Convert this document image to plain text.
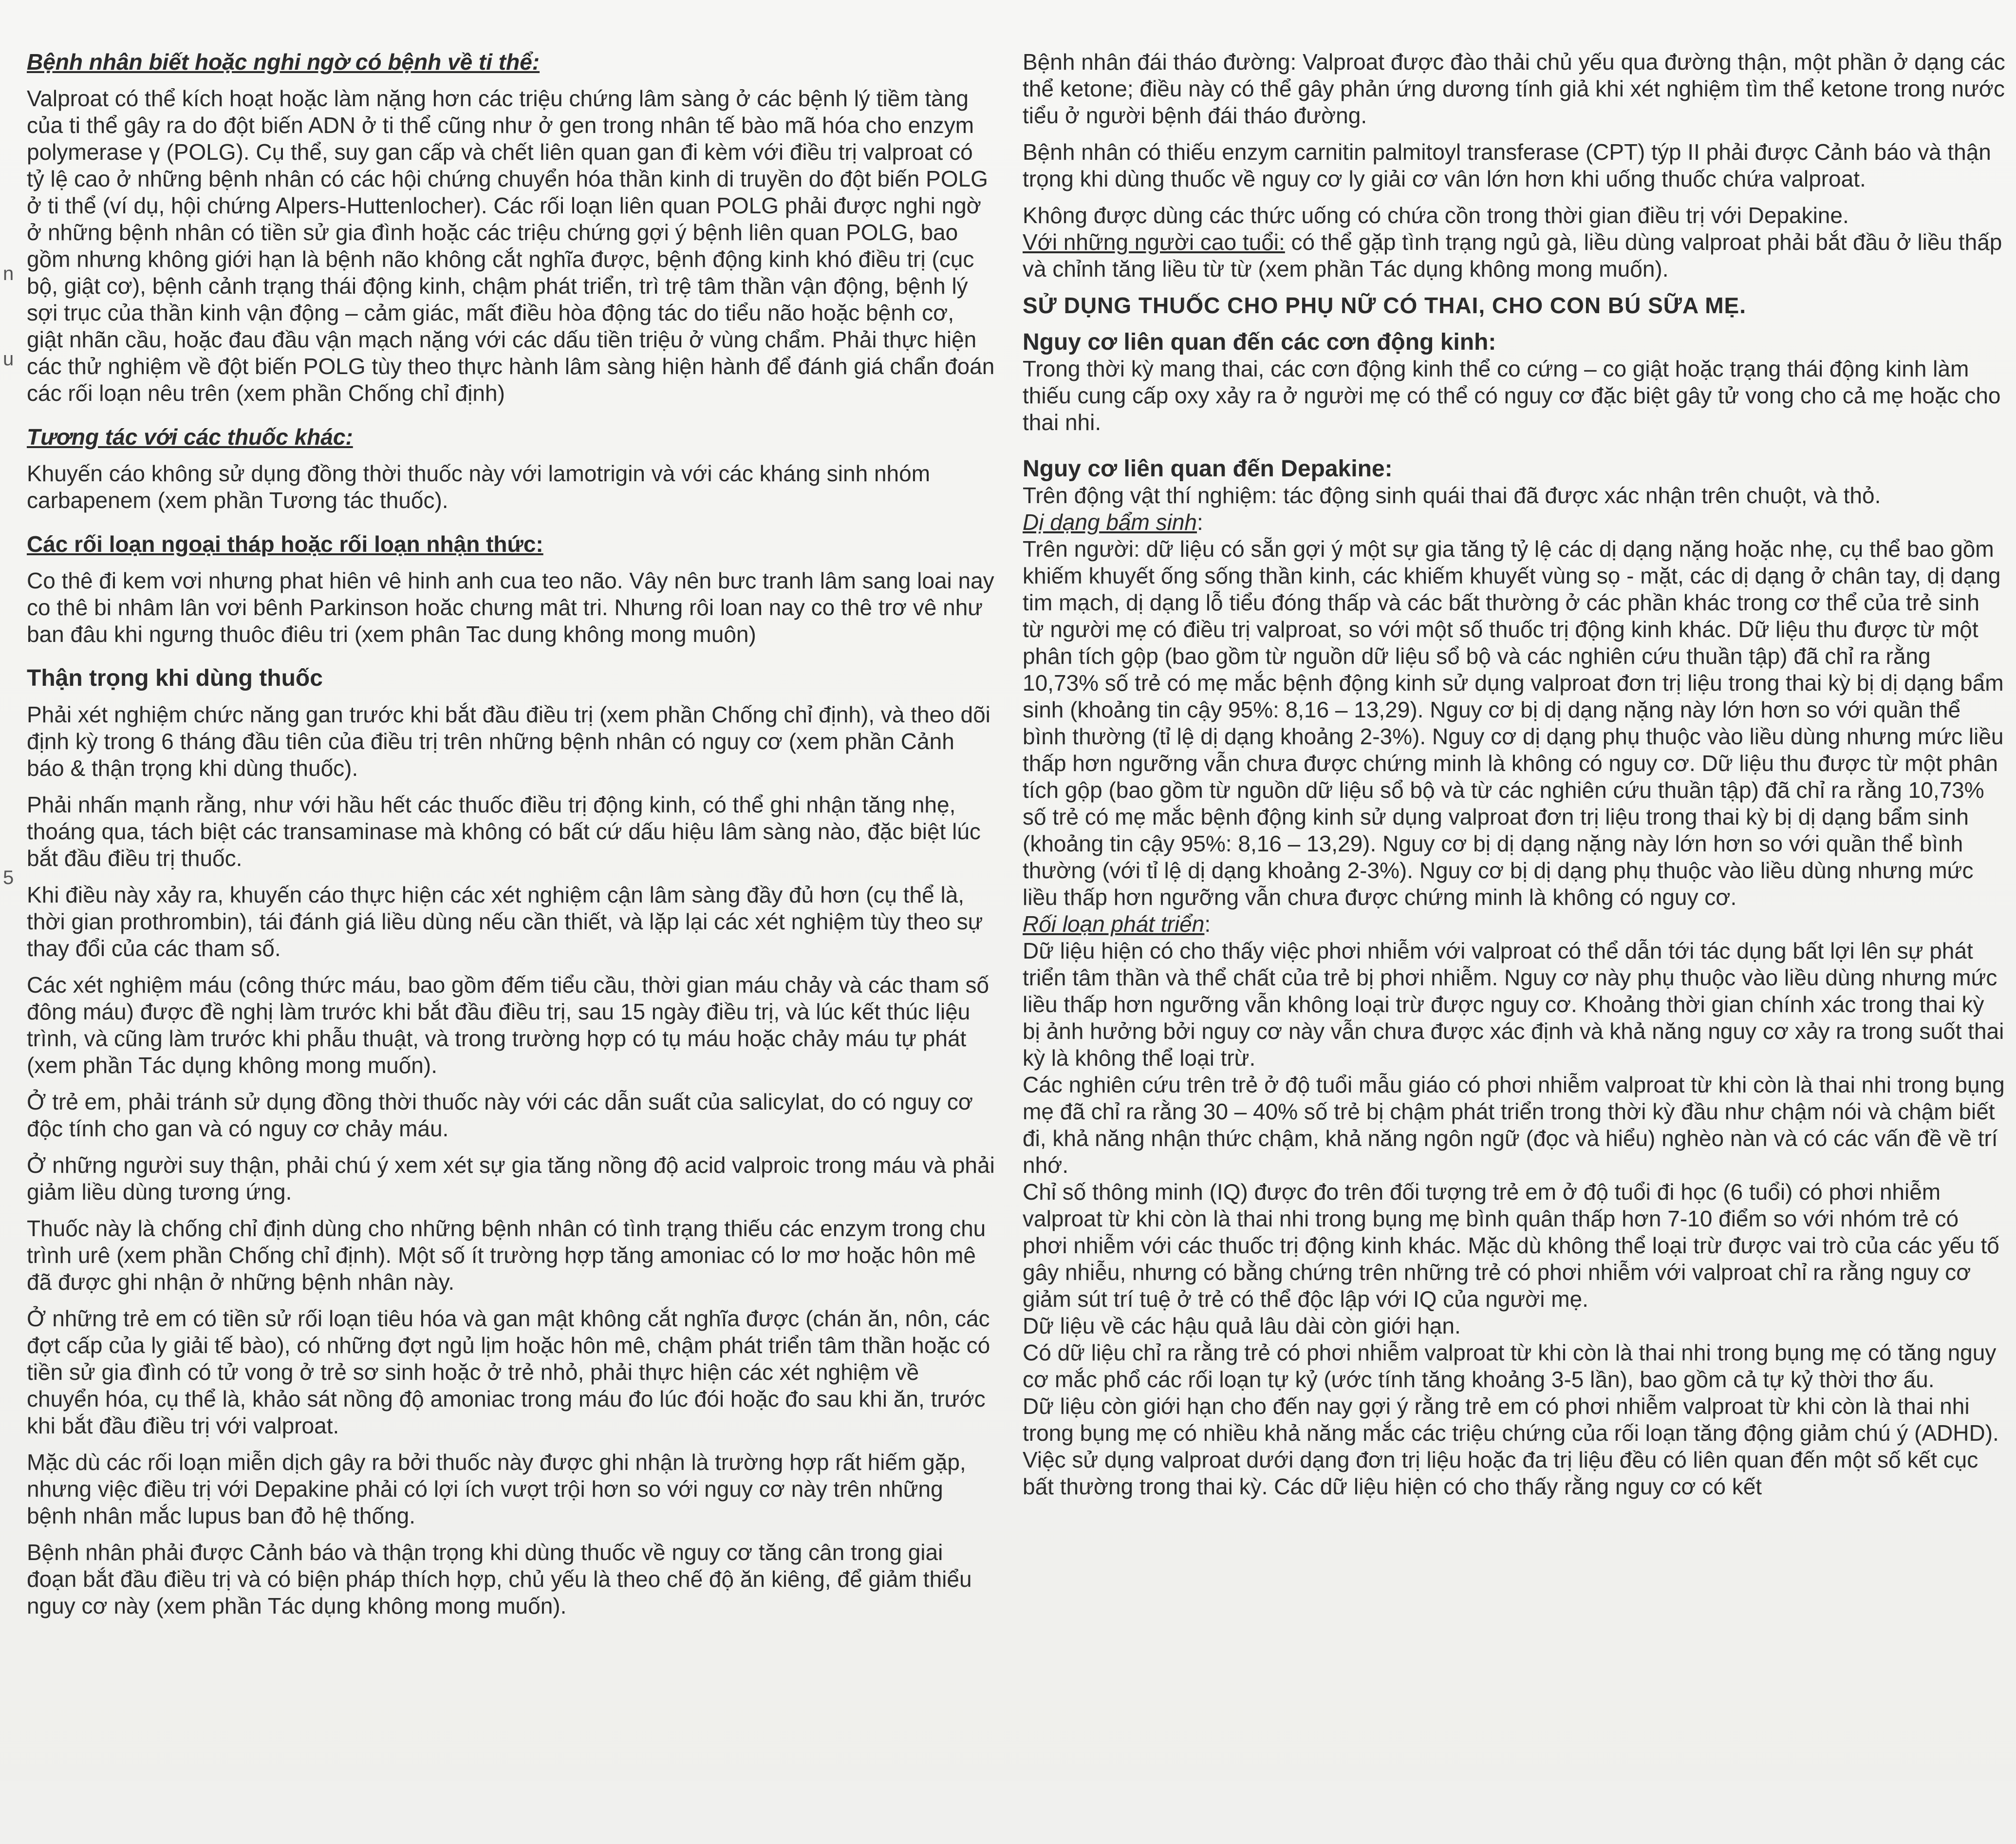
n
u
5

Bệnh nhân biết hoặc nghi ngờ có bệnh về ti thể:

Valproat có thể kích hoạt hoặc làm nặng hơn các triệu chứng lâm sàng ở các bệnh lý tiềm tàng của ti thể gây ra do đột biến ADN ở ti thể cũng như ở gen trong nhân tế bào mã hóa cho enzym polymerase γ (POLG). Cụ thể, suy gan cấp và chết liên quan gan đi kèm với điều trị valproat có tỷ lệ cao ở những bệnh nhân có các hội chứng chuyển hóa thần kinh di truyền do đột biến POLG ở ti thể (ví dụ, hội chứng Alpers-Huttenlocher). Các rối loạn liên quan POLG phải được nghi ngờ ở những bệnh nhân có tiền sử gia đình hoặc các triệu chứng gợi ý bệnh liên quan POLG, bao gồm nhưng không giới hạn là bệnh não không cắt nghĩa được, bệnh động kinh khó điều trị (cục bộ, giật cơ), bệnh cảnh trạng thái động kinh, chậm phát triển, trì trệ tâm thần vận động, bệnh lý sợi trục của thần kinh vận động – cảm giác, mất điều hòa động tác do tiểu não hoặc bệnh cơ, giật nhãn cầu, hoặc đau đầu vận mạch nặng với các dấu tiền triệu ở vùng chẩm. Phải thực hiện các thử nghiệm về đột biến POLG tùy theo thực hành lâm sàng hiện hành để đánh giá chẩn đoán các rối loạn nêu trên (xem phần Chống chỉ định)

Tương tác với các thuốc khác:

Khuyến cáo không sử dụng đồng thời thuốc này với lamotrigin và với các kháng sinh nhóm carbapenem (xem phần Tương tác thuốc).

Các rối loạn ngoại tháp hoặc rối loạn nhận thức:

Co thê đi kem vơi nhưng phat hiên vê hinh anh cua teo não. Vây nên bưc tranh lâm sang loai nay co thê bi nhâm lân vơi bênh Parkinson hoăc chưng mât tri. Nhưng rôi loan nay co thê trơ vê như ban đâu khi ngưng thuôc điêu tri (xem phân Tac dung không mong muôn)

Thận trọng khi dùng thuốc

Phải xét nghiệm chức năng gan trước khi bắt đầu điều trị (xem phần Chống chỉ định), và theo dõi định kỳ trong 6 tháng đầu tiên của điều trị trên những bệnh nhân có nguy cơ (xem phần Cảnh báo & thận trọng khi dùng thuốc).

Phải nhấn mạnh rằng, như với hầu hết các thuốc điều trị động kinh, có thể ghi nhận tăng nhẹ, thoáng qua, tách biệt các transaminase mà không có bất cứ dấu hiệu lâm sàng nào, đặc biệt lúc bắt đầu điều trị thuốc.

Khi điều này xảy ra, khuyến cáo thực hiện các xét nghiệm cận lâm sàng đầy đủ hơn (cụ thể là, thời gian prothrombin), tái đánh giá liều dùng nếu cần thiết, và lặp lại các xét nghiệm tùy theo sự thay đổi của các tham số.

Các xét nghiệm máu (công thức máu, bao gồm đếm tiểu cầu, thời gian máu chảy và các tham số đông máu) được đề nghị làm trước khi bắt đầu điều trị, sau 15 ngày điều trị, và lúc kết thúc liệu trình, và cũng làm trước khi phẫu thuật, và trong trường hợp có tụ máu hoặc chảy máu tự phát (xem phần Tác dụng không mong muốn).

Ở trẻ em, phải tránh sử dụng đồng thời thuốc này với các dẫn suất của salicylat, do có nguy cơ độc tính cho gan và có nguy cơ chảy máu.

Ở những người suy thận, phải chú ý xem xét sự gia tăng nồng độ acid valproic trong máu và phải giảm liều dùng tương ứng.

Thuốc này là chống chỉ định dùng cho những bệnh nhân có tình trạng thiếu các enzym trong chu trình urê (xem phần Chống chỉ định). Một số ít trường hợp tăng amoniac có lơ mơ hoặc hôn mê đã được ghi nhận ở những bệnh nhân này.

Ở những trẻ em có tiền sử rối loạn tiêu hóa và gan mật không cắt nghĩa được (chán ăn, nôn, các đợt cấp của ly giải tế bào), có những đợt ngủ lịm hoặc hôn mê, chậm phát triển tâm thần hoặc có tiền sử gia đình có tử vong ở trẻ sơ sinh hoặc ở trẻ nhỏ, phải thực hiện các xét nghiệm về chuyển hóa, cụ thể là, khảo sát nồng độ amoniac trong máu đo lúc đói hoặc đo sau khi ăn, trước khi bắt đầu điều trị với valproat.

Mặc dù các rối loạn miễn dịch gây ra bởi thuốc này được ghi nhận là trường hợp rất hiếm gặp, nhưng việc điều trị với Depakine phải có lợi ích vượt trội hơn so với nguy cơ này trên những bệnh nhân mắc lupus ban đỏ hệ thống.

Bệnh nhân phải được Cảnh báo và thận trọng khi dùng thuốc về nguy cơ tăng cân trong giai đoạn bắt đầu điều trị và có biện pháp thích hợp, chủ yếu là theo chế độ ăn kiêng, để giảm thiểu nguy cơ này (xem phần Tác dụng không mong muốn).

Bệnh nhân đái tháo đường: Valproat được đào thải chủ yếu qua đường thận, một phần ở dạng các thể ketone; điều này có thể gây phản ứng dương tính giả khi xét nghiệm tìm thể ketone trong nước tiểu ở người bệnh đái tháo đường.

Bệnh nhân có thiếu enzym carnitin palmitoyl transferase (CPT) týp II phải được Cảnh báo và thận trọng khi dùng thuốc về nguy cơ ly giải cơ vân lớn hơn khi uống thuốc chứa valproat.

Không được dùng các thức uống có chứa cồn trong thời gian điều trị với Depakine.

Với những người cao tuổi: có thể gặp tình trạng ngủ gà, liều dùng valproat phải bắt đầu ở liều thấp và chỉnh tăng liều từ từ (xem phần Tác dụng không mong muốn).

SỬ DỤNG THUỐC CHO PHỤ NỮ CÓ THAI, CHO CON BÚ SỮA MẸ.

Nguy cơ liên quan đến các cơn động kinh:

Trong thời kỳ mang thai, các cơn động kinh thể co cứng – co giật hoặc trạng thái động kinh làm thiếu cung cấp oxy xảy ra ở người mẹ có thể có nguy cơ đặc biệt gây tử vong cho cả mẹ hoặc cho thai nhi.

Nguy cơ liên quan đến Depakine:

Trên động vật thí nghiệm: tác động sinh quái thai đã được xác nhận trên chuột, và thỏ.

Dị dạng bẩm sinh:

Trên người: dữ liệu có sẵn gợi ý một sự gia tăng tỷ lệ các dị dạng nặng hoặc nhẹ, cụ thể bao gồm khiếm khuyết ống sống thần kinh, các khiếm khuyết vùng sọ - mặt, các dị dạng ở chân tay, dị dạng tim mạch, dị dạng lỗ tiểu đóng thấp và các bất thường ở các phần khác trong cơ thể của trẻ sinh từ người mẹ có điều trị valproat, so với một số thuốc trị động kinh khác. Dữ liệu thu được từ một phân tích gộp (bao gồm từ nguồn dữ liệu sổ bộ và các nghiên cứu thuần tập) đã chỉ ra rằng 10,73% số trẻ có mẹ mắc bệnh động kinh sử dụng valproat đơn trị liệu trong thai kỳ bị dị dạng bẩm sinh (khoảng tin cậy 95%: 8,16 – 13,29). Nguy cơ bị dị dạng nặng này lớn hơn so với quần thể bình thường (tỉ lệ dị dạng khoảng 2-3%). Nguy cơ dị dạng phụ thuộc vào liều dùng nhưng mức liều thấp hơn ngưỡng vẫn chưa được chứng minh là không có nguy cơ. Dữ liệu thu được từ một phân tích gộp (bao gồm từ nguồn dữ liệu sổ bộ và từ các nghiên cứu thuần tập) đã chỉ ra rằng 10,73% số trẻ có mẹ mắc bệnh động kinh sử dụng valproat đơn trị liệu trong thai kỳ bị dị dạng bẩm sinh (khoảng tin cậy 95%: 8,16 – 13,29). Nguy cơ bị dị dạng nặng này lớn hơn so với quần thể bình thường (với tỉ lệ dị dạng khoảng 2-3%). Nguy cơ bị dị dạng phụ thuộc vào liều dùng nhưng mức liều thấp hơn ngưỡng vẫn chưa được chứng minh là không có nguy cơ.

Rối loạn phát triển:

Dữ liệu hiện có cho thấy việc phơi nhiễm với valproat có thể dẫn tới tác dụng bất lợi lên sự phát triển tâm thần và thể chất của trẻ bị phơi nhiễm. Nguy cơ này phụ thuộc vào liều dùng nhưng mức liều thấp hơn ngưỡng vẫn không loại trừ được nguy cơ. Khoảng thời gian chính xác trong thai kỳ bị ảnh hưởng bởi nguy cơ này vẫn chưa được xác định và khả năng nguy cơ xảy ra trong suốt thai kỳ là không thể loại trừ.

Các nghiên cứu trên trẻ ở độ tuổi mẫu giáo có phơi nhiễm valproat từ khi còn là thai nhi trong bụng mẹ đã chỉ ra rằng 30 – 40% số trẻ bị chậm phát triển trong thời kỳ đầu như chậm nói và chậm biết đi, khả năng nhận thức chậm, khả năng ngôn ngữ (đọc và hiểu) nghèo nàn và có các vấn đề về trí nhớ.

Chỉ số thông minh (IQ) được đo trên đối tượng trẻ em ở độ tuổi đi học (6 tuổi) có phơi nhiễm valproat từ khi còn là thai nhi trong bụng mẹ bình quân thấp hơn 7-10 điểm so với nhóm trẻ có phơi nhiễm với các thuốc trị động kinh khác. Mặc dù không thể loại trừ được vai trò của các yếu tố gây nhiễu, nhưng có bằng chứng trên những trẻ có phơi nhiễm với valproat chỉ ra rằng nguy cơ giảm sút trí tuệ ở trẻ có thể độc lập với IQ của người mẹ.

Dữ liệu về các hậu quả lâu dài còn giới hạn.

Có dữ liệu chỉ ra rằng trẻ có phơi nhiễm valproat từ khi còn là thai nhi trong bụng mẹ có tăng nguy cơ mắc phổ các rối loạn tự kỷ (ước tính tăng khoảng 3-5 lần), bao gồm cả tự kỷ thời thơ ấu.

Dữ liệu còn giới hạn cho đến nay gợi ý rằng trẻ em có phơi nhiễm valproat từ khi còn là thai nhi trong bụng mẹ có nhiều khả năng mắc các triệu chứng của rối loạn tăng động giảm chú ý (ADHD).

Việc sử dụng valproat dưới dạng đơn trị liệu hoặc đa trị liệu đều có liên quan đến một số kết cục bất thường trong thai kỳ. Các dữ liệu hiện có cho thấy rằng nguy cơ có kết
